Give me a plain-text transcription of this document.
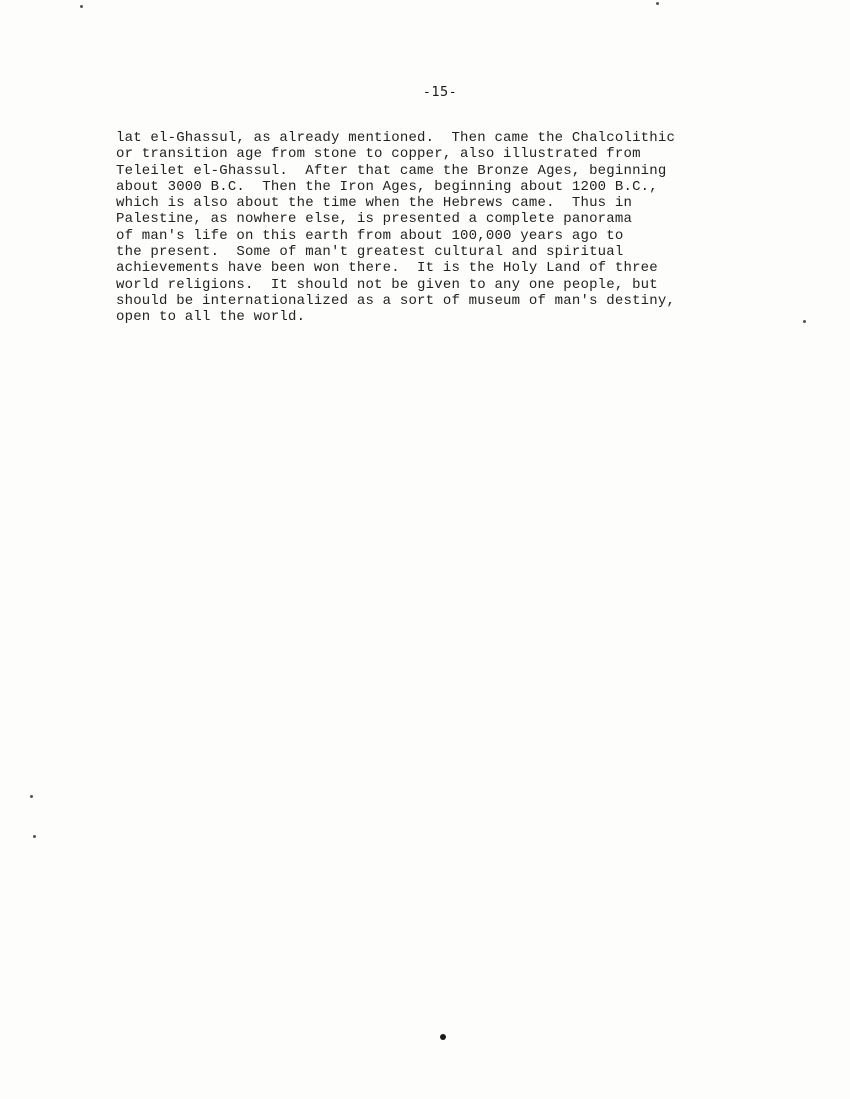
-15-
lat el-Ghassul, as already mentioned.  Then came the Chalcolithic
or transition age from stone to copper, also illustrated from
Teleilet el-Ghassul.  After that came the Bronze Ages, beginning
about 3000 B.C.  Then the Iron Ages, beginning about 1200 B.C.,
which is also about the time when the Hebrews came.  Thus in
Palestine, as nowhere else, is presented a complete panorama
of man's life on this earth from about 100,000 years ago to
the present.  Some of man't greatest cultural and spiritual
achievements have been won there.  It is the Holy Land of three
world religions.  It should not be given to any one people, but
should be internationalized as a sort of museum of man's destiny,
open to all the world.
